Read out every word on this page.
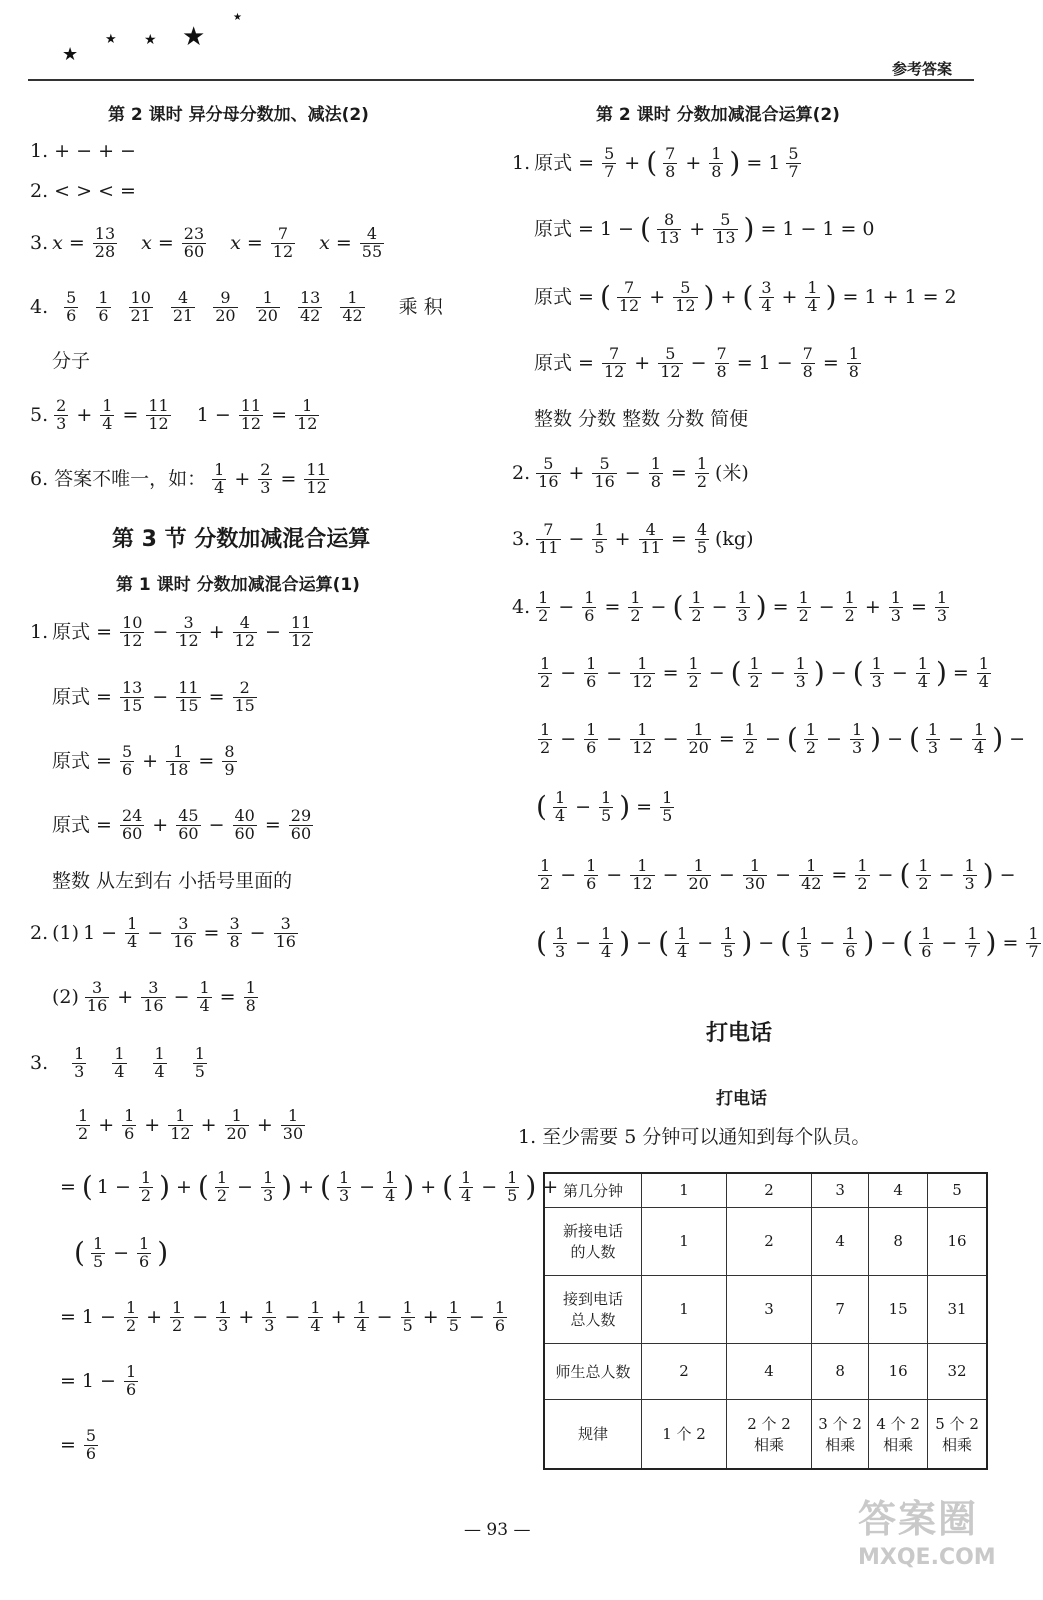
★
★ ★ ★
★
参考答案
第 2 课时 异分母分数加、减法(2)
1. + − + −
2. < > < =
3. $x = \frac{13}{28}$ $x = \frac{23}{60}$ $x = \frac{7}{12}$ $x = \frac{4}{55}$
4. 5
6
1
6
10
21
4
21
9
20
1
20
13
42
1
42 乘 积
分子
5. 2
$3 + \frac{1}{4} = \frac{11}{12} 1 - \frac{11}{12} = \frac{1}{12}$
6. 答案不唯一，如： 1
$4 + \frac{2}{3} = \frac{11}{12}$
第 3 节 分数加减混合运算
第 1 课时 分数加减混合运算(1)
1. 原式 = $\frac{10}{12} - \frac{3}{12} + \frac{4}{12} - \frac{11}{12}$
原式 = $\frac{13}{15} - \frac{11}{15} = \frac{2}{15}$
原式 = $\frac{5}{6} + \frac{1}{18} = \frac{8}{9}$
原式 = $\frac{24}{60} + \frac{45}{60} - \frac{40}{60} = \frac{29}{60}$
整数 从左到右 小括号里面的
2. (1) $1 - \frac{1}{4} - \frac{3}{16} = \frac{3}{8} - \frac{3}{16}$
(2) 3
$16 + \frac{3}{16} - \frac{1}{4} = \frac{1}{8}$
3. 1
3
1
4
1
4
1
5
1
$2 + \frac{1}{6} + \frac{1}{12} + \frac{1}{20} + \frac{1}{30}$
= ( $1 - \frac{1}{2}$ ) + ( 1
$2 - \frac{1}{3}$ ) + ( 1
$3 - \frac{1}{4}$ ) + ( 1
$4 - \frac{1}{5}$ ) +
( 1
$5 - \frac{1}{6}$ )
= $1 - \frac{1}{2} + \frac{1}{2} - \frac{1}{3} + \frac{1}{3} - \frac{1}{4} + \frac{1}{4} - \frac{1}{5} + \frac{1}{5} - \frac{1}{6}$
= $1 - \frac{1}{6}$
= $\frac{5}{6}$
第 2 课时 分数加减混合运算(2)
1. 原式 = $\frac{5}{7}$ + ( 7
$8 + \frac{1}{8}$ ) = $1 \frac{5}{7}$
原式 = 1 − ( 8
$13 + \frac{5}{13}$ ) = 1 − 1 = 0
原式 = ( 7
$12 + \frac{5}{12}$ ) + ( 3
$4 + \frac{1}{4}$ ) = 1 + 1 = 2
原式 = $\frac{7}{12} + \frac{5}{12} - \frac{7}{8} = 1 - \frac{7}{8} = \frac{1}{8}$
整数 分数 整数 分数 简便
2. 5
$16 + \frac{5}{16} - \frac{1}{8} = \frac{1}{2}$ (米)
3. 7
$11 - \frac{1}{5} + \frac{4}{11} = \frac{4}{5} (kg)$
4. 1
$2 - \frac{1}{6} = \frac{1}{2}$ − ( 1
$2 - \frac{1}{3}$ ) = $\frac{1}{2} - \frac{1}{2} + \frac{1}{3} = \frac{1}{3}$
1
$2 - \frac{1}{6} - \frac{1}{12} = \frac{1}{2}$ − ( 1
$2 - \frac{1}{3}$ ) − ( 1
$3 - \frac{1}{4}$ ) = $\frac{1}{4}$
1
$2 - \frac{1}{6} - \frac{1}{12} - \frac{1}{20} = \frac{1}{2}$ − ( 1
$2 - \frac{1}{3}$ ) − ( 1
$3 - \frac{1}{4}$ ) −
( 1
$4 - \frac{1}{5}$ ) = $\frac{1}{5}$
1
$2 - \frac{1}{6} - \frac{1}{12} - \frac{1}{20} - \frac{1}{30} - \frac{1}{42} = \frac{1}{2}$ − ( 1
$2 - \frac{1}{3}$ ) −
( 1
$3 - \frac{1}{4}$ ) − ( 1
$4 - \frac{1}{5}$ ) − ( 1
$5 - \frac{1}{6}$ ) − ( 1
$6 - \frac{1}{7}$ ) = $\frac{1}{7}$
打电话
打电话
1. 至少需要 5 分钟可以通知到每个队员。
第几分钟	1	2	3	4	5
新接电话的人数	1	2	4	8	16
接到电话总人数	1	3	7	15	31
师生总人数	2	4	8	16	32
规律	1 个 2	2 个 2 相乘	3 个 2 相乘	4 个 2 相乘	5 个 2 相乘
— 93 —	答案圈
MXQE.COM
